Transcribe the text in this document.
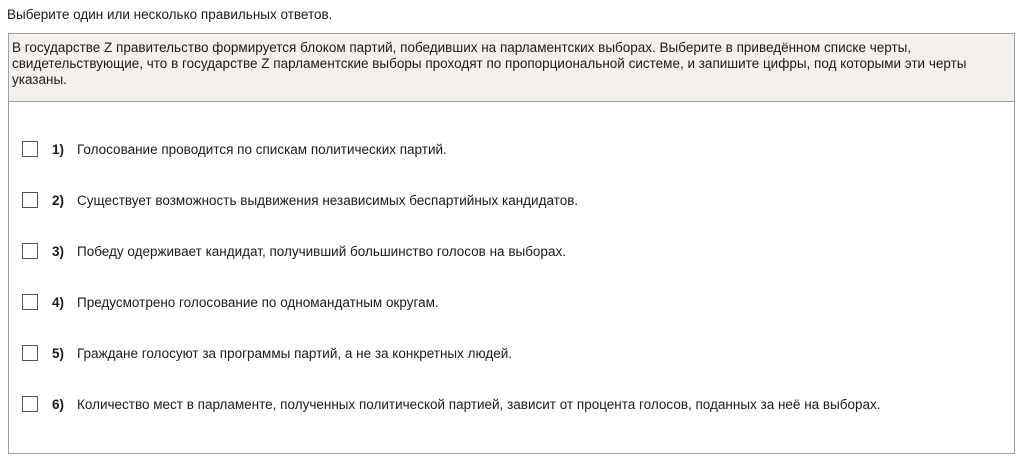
Выберите один или несколько правильных ответов.
В государстве Z правительство формируется блоком партий, победивших на парламентских выборах. Выберите в приведённом списке черты, свидетельствующие, что в государстве Z парламентские выборы проходят по пропорциональной системе, и запишите цифры, под которыми эти черты указаны.
1) Голосование проводится по спискам политических партий.
2) Существует возможность выдвижения независимых беспартийных кандидатов.
3) Победу одерживает кандидат, получивший большинство голосов на выборах.
4) Предусмотрено голосование по одномандатным округам.
5) Граждане голосуют за программы партий, а не за конкретных людей.
6) Количество мест в парламенте, полученных политической партией, зависит от процента голосов, поданных за неё на выборах.
